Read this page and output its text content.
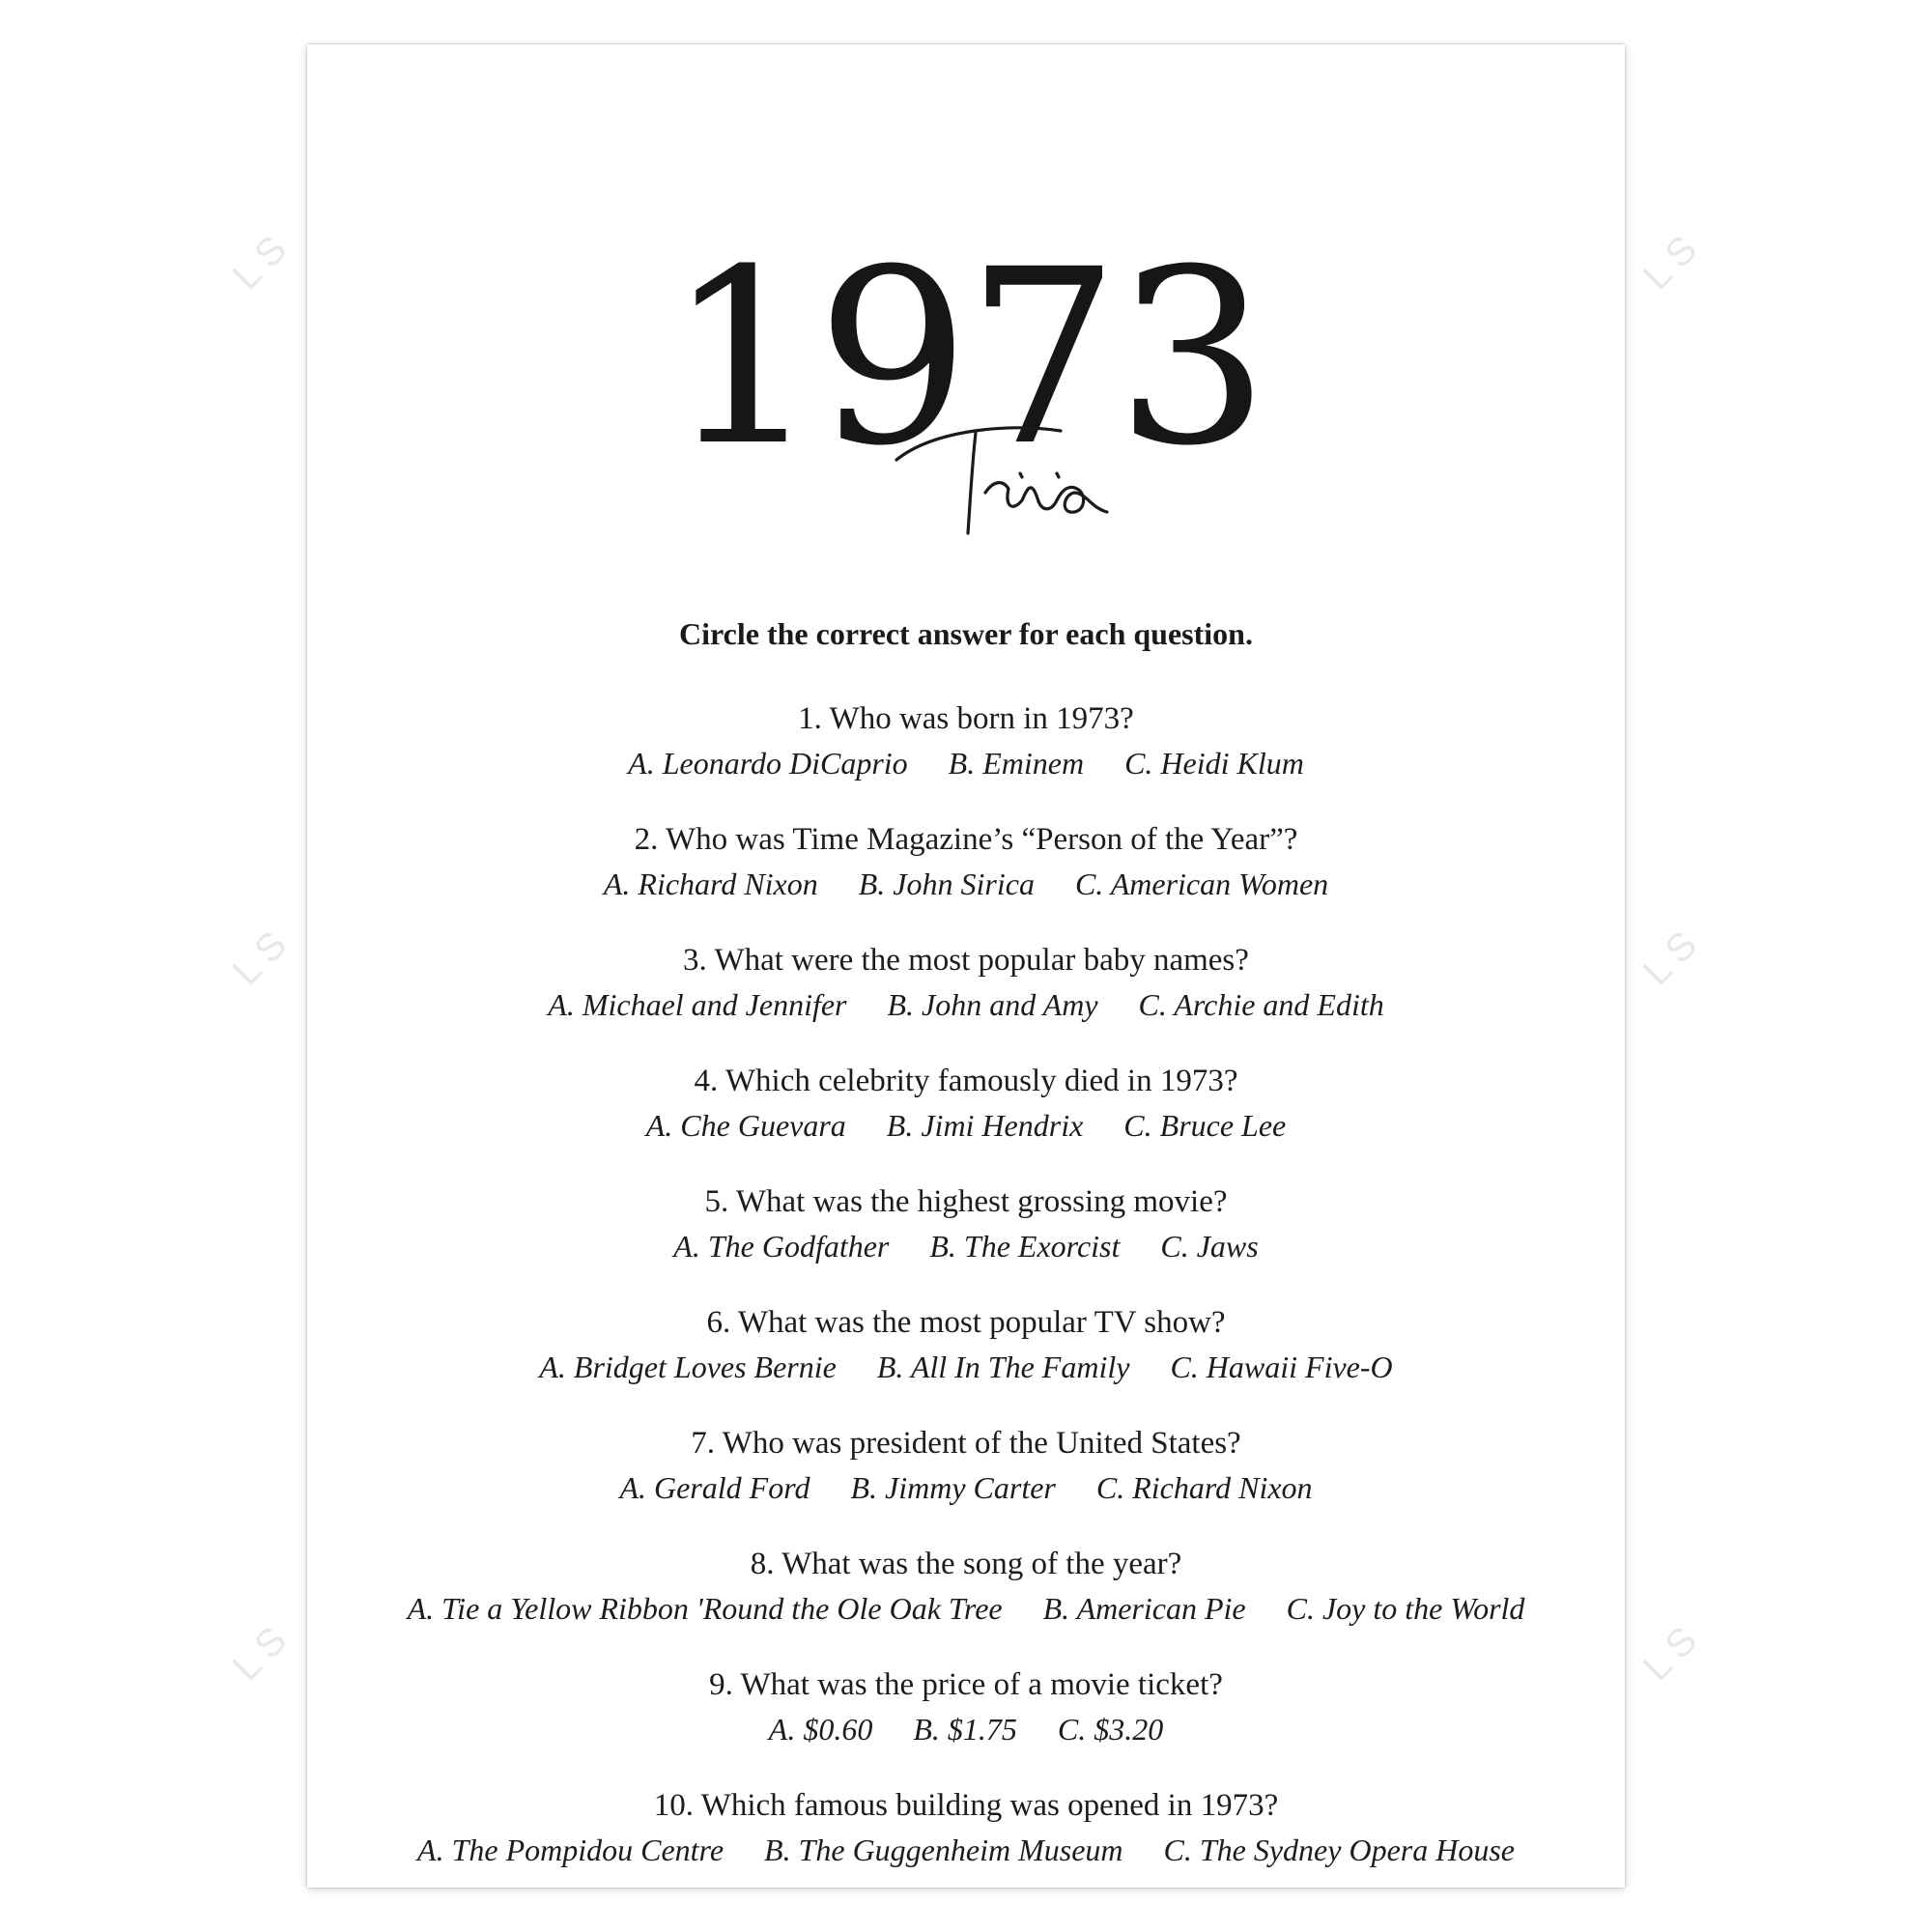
L S
L S
L S
L S
L S
L S
1973
Circle the correct answer for each question.
1. Who was born in 1973?
A. Leonardo DiCaprio B. Eminem C. Heidi Klum
2. Who was Time Magazine’s “Person of the Year”?
A. Richard Nixon B. John Sirica C. American Women
3. What were the most popular baby names?
A. Michael and Jennifer B. John and Amy C. Archie and Edith
4. Which celebrity famously died in 1973?
A. Che Guevara B. Jimi Hendrix C. Bruce Lee
5. What was the highest grossing movie?
A. The Godfather B. The Exorcist C. Jaws
6. What was the most popular TV show?
A. Bridget Loves Bernie B. All In The Family C. Hawaii Five-O
7. Who was president of the United States?
A. Gerald Ford B. Jimmy Carter C. Richard Nixon
8. What was the song of the year?
A. Tie a Yellow Ribbon 'Round the Ole Oak Tree B. American Pie C. Joy to the World
9. What was the price of a movie ticket?
A. $0.60 B. $1.75 C. $3.20
10. Which famous building was opened in 1973?
A. The Pompidou Centre B. The Guggenheim Museum C. The Sydney Opera House
